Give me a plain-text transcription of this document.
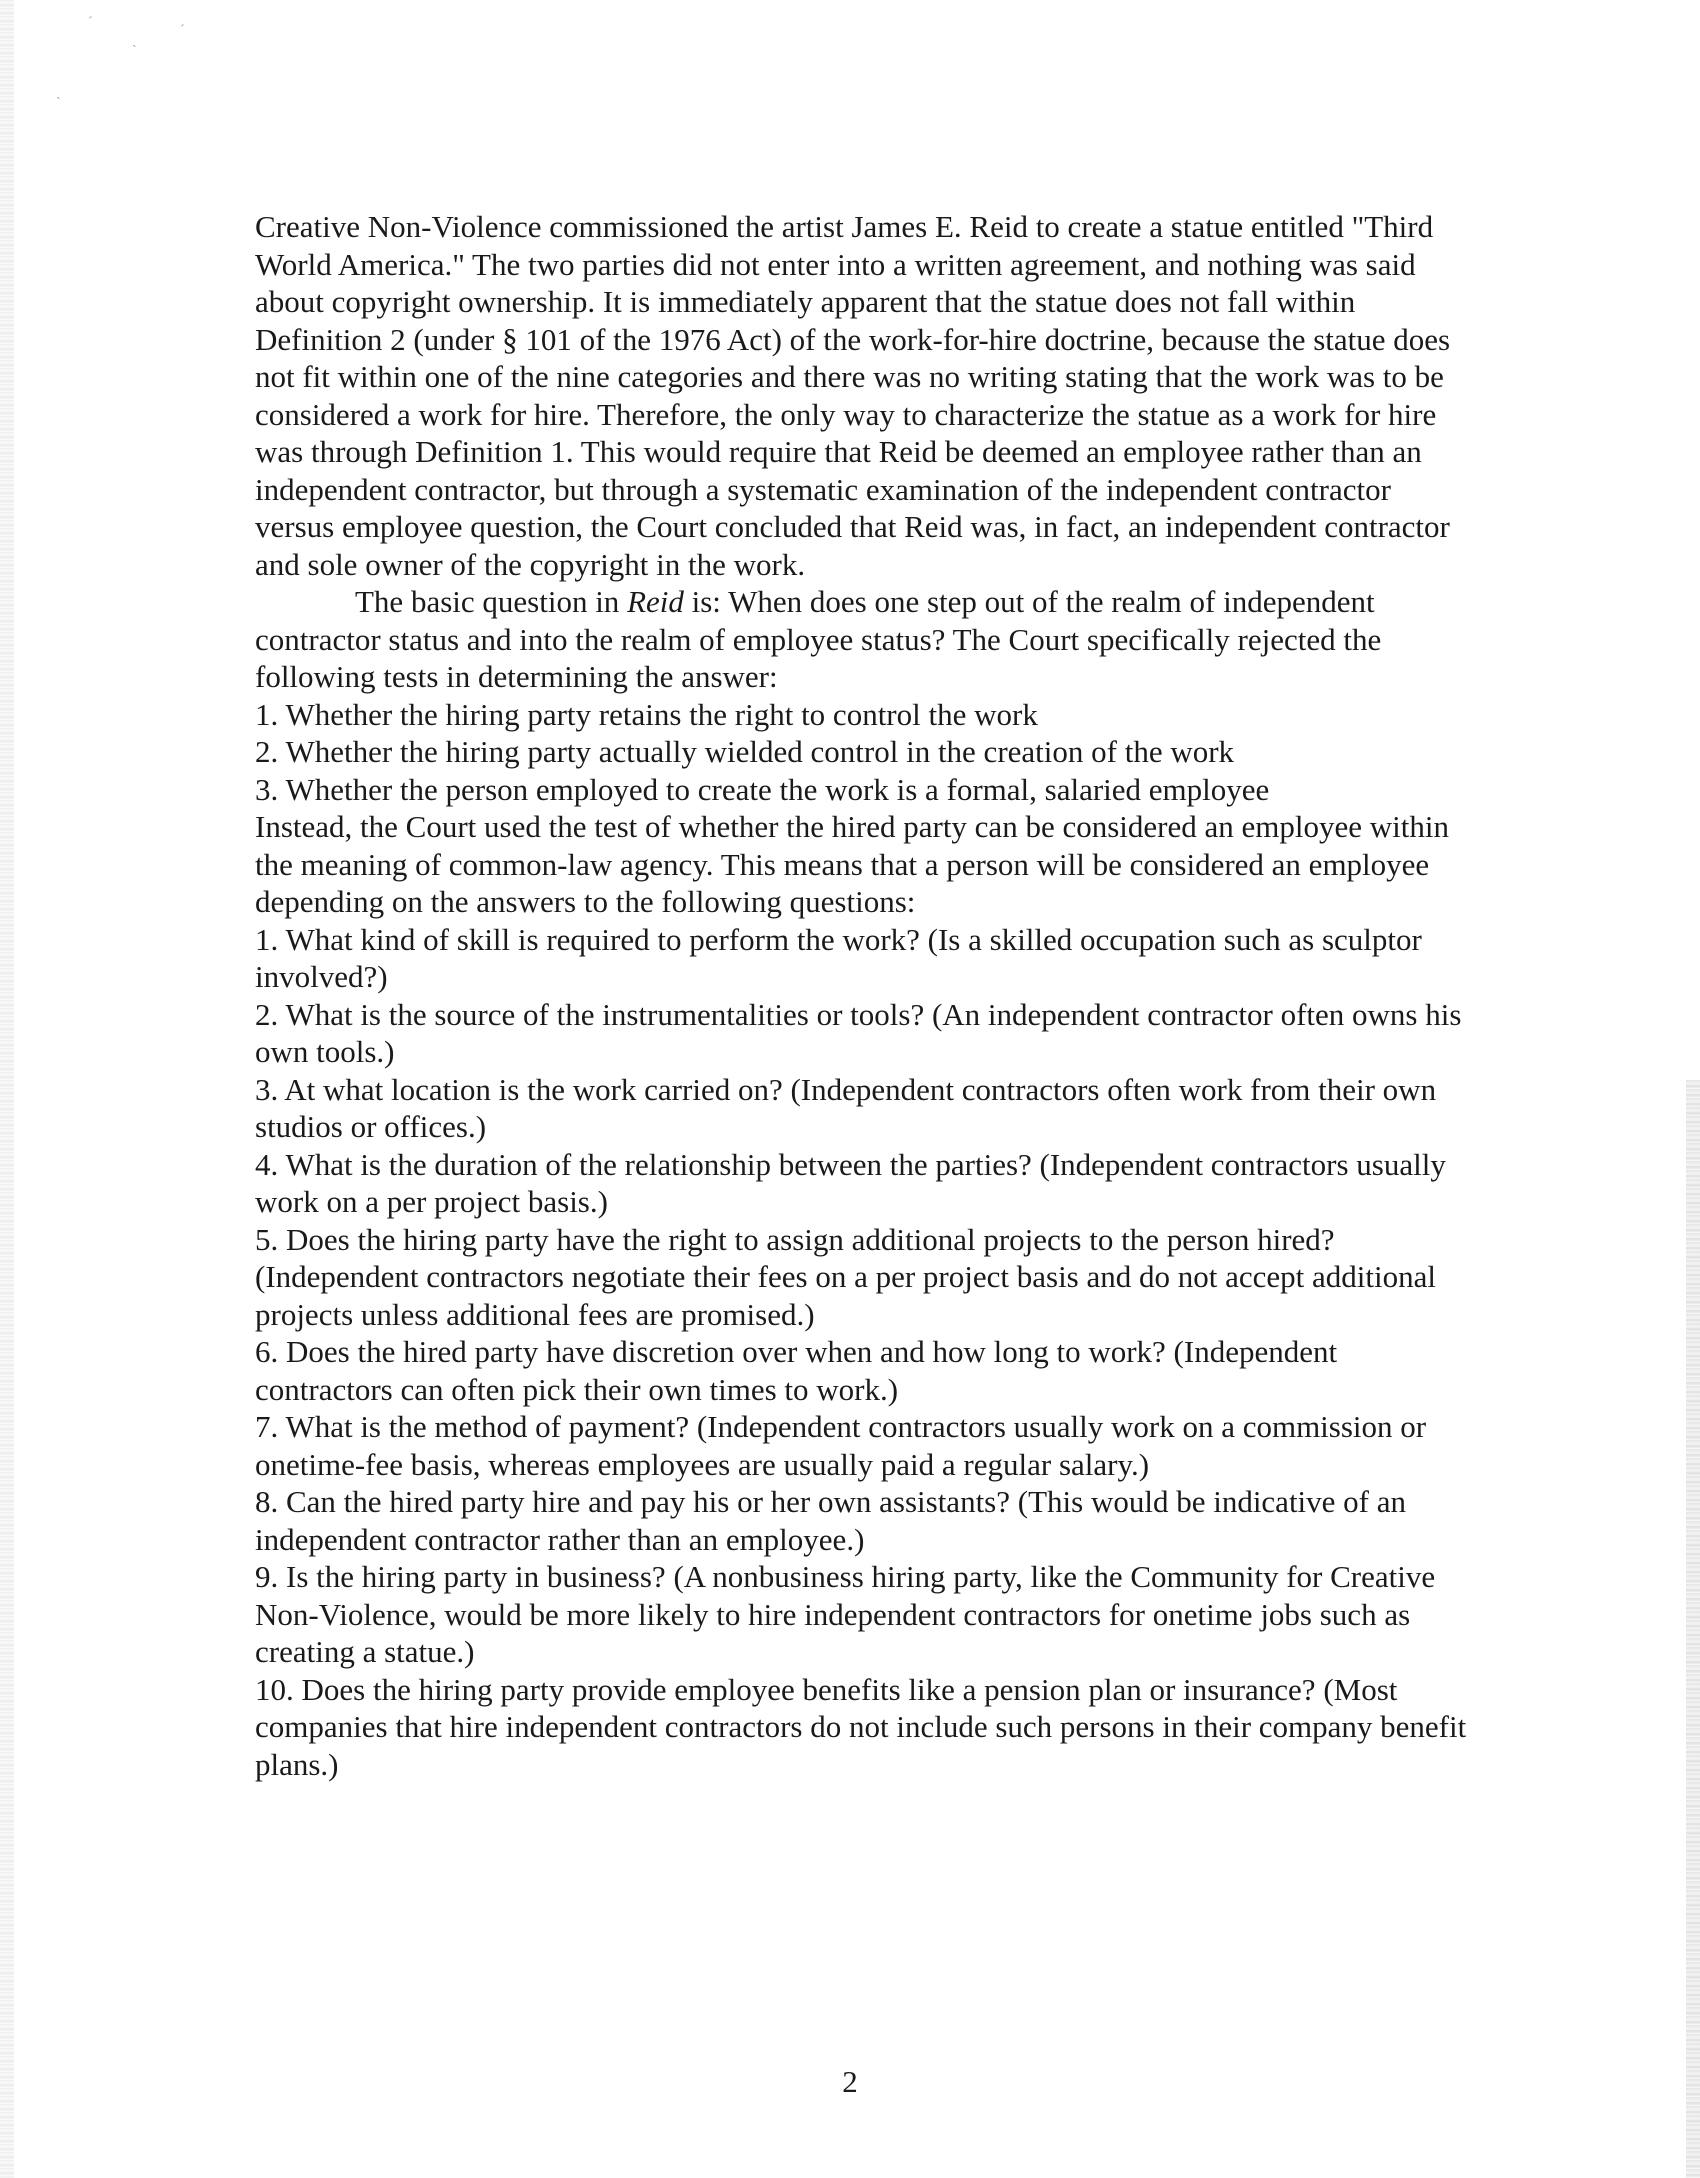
´
ˏ
ˊ
ˎ

Creative Non-Violence commissioned the artist James E. Reid to create a statue entitled "Third World America." The two parties did not enter into a written agreement, and nothing was said about copyright ownership. It is immediately apparent that the statue does not fall within Definition 2 (under § 101 of the 1976 Act) of the work-for-hire doctrine, because the statue does not fit within one of the nine categories and there was no writing stating that the work was to be considered a work for hire. Therefore, the only way to characterize the statue as a work for hire was through Definition 1. This would require that Reid be deemed an employee rather than an independent contractor, but through a systematic examination of the independent contractor versus employee question, the Court concluded that Reid was, in fact, an independent contractor and sole owner of the copyright in the work.

The basic question in Reid is: When does one step out of the realm of independent contractor status and into the realm of employee status? The Court specifically rejected the following tests in determining the answer:

1. Whether the hiring party retains the right to control the work

2. Whether the hiring party actually wielded control in the creation of the work

3. Whether the person employed to create the work is a formal, salaried employee

Instead, the Court used the test of whether the hired party can be considered an employee within the meaning of common-law agency. This means that a person will be considered an employee depending on the answers to the following questions:

1. What kind of skill is required to perform the work? (Is a skilled occupation such as sculptor involved?)

2. What is the source of the instrumentalities or tools? (An independent contractor often owns his own tools.)

3. At what location is the work carried on? (Independent contractors often work from their own studios or offices.)

4. What is the duration of the relationship between the parties? (Independent contractors usually work on a per project basis.)

5. Does the hiring party have the right to assign additional projects to the person hired? (Independent contractors negotiate their fees on a per project basis and do not accept additional projects unless additional fees are promised.)

6. Does the hired party have discretion over when and how long to work? (Independent contractors can often pick their own times to work.)

7. What is the method of payment? (Independent contractors usually work on a commission or onetime-fee basis, whereas employees are usually paid a regular salary.)

8. Can the hired party hire and pay his or her own assistants? (This would be indicative of an independent contractor rather than an employee.)

9. Is the hiring party in business? (A nonbusiness hiring party, like the Community for Creative Non-Violence, would be more likely to hire independent contractors for onetime jobs such as creating a statue.)

10. Does the hiring party provide employee benefits like a pension plan or insurance? (Most companies that hire independent contractors do not include such persons in their company benefit plans.)

2
